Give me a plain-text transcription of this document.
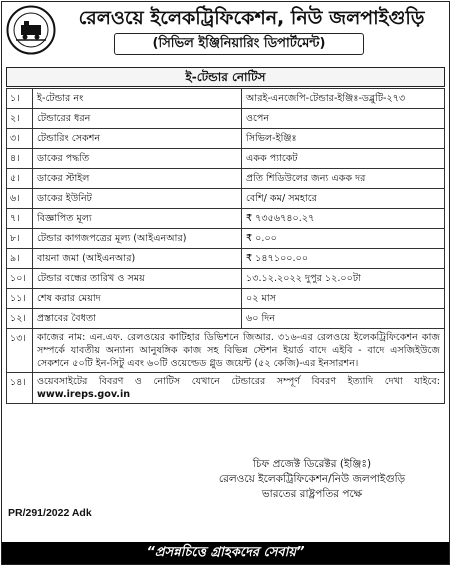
রেলওয়ে ইলেকট্রিফিকেশন, নিউ জলপাইগুড়ি
(সিভিল ইঞ্জিনিয়ারিং ডিপার্টমেন্ট)
ই-টেন্ডার নোটিস
১।	ই-টেন্ডার নং	আরই-এনজেপি-টেন্ডার-ইঞ্জিঃ-ডব্লুটি-২৭৩
২।	টেন্ডারের ধরন	ওপেন
৩।	টেন্ডারিং সেকশন	সিভিল-ইঞ্জিঃ
৪।	ডাকের পদ্ধতি	একক প্যাকেট
৫।	ডাকের স্টাইল	প্রতি শিডিউলের জন্য একক দর
৬।	ডাকের ইউনিট	বেশি/ কম/ সমহারে
৭।	বিজ্ঞাপিত মূল্য	₹ ৭৩৫৬৭৪০.২৭
৮।	টেন্ডার কাগজপত্রের মূল্য (আইএনআর)	₹ ০.০০
৯।	বায়না জমা (আইএনআর)	₹ ১৪৭১০০.০০
১০।	টেন্ডার বন্ধের তারিখ ও সময়	১৩.১২.২০২২ দুপুর ১২.০০টা
১১।	শেষ করার মেয়াদ	০২ মাস
১২।	প্রস্তাবের বৈধতা	৬০ দিন
১৩।	কাজের নাম: এন.এফ. রেলওয়ের কাটিহার ডিভিশনে জিআর. ৩১৬-এর রেলওয়ে ইলেকট্রিফিকেশন কাজ সম্পর্কে যাবতীয় অন্যান্য আনুষঙ্গিক কাজ সহ বিভিন্ন স্টেশন ইয়ার্ড বাদে এইবি - বাদে এসজিইউজে সেকশনে ৫০টি ইন-সিটু এবং ৬০টি ওয়েল্ডেড গ্লুড জয়েন্ট (৫২ কেজি)-এর ইনসারশন।	
১৪।	ওয়েবসাইটের বিবরণ ও নোটিস যেখানে টেন্ডারের সম্পূর্ণ বিবরণ ইত্যাদি দেখা যাইবে: www.ireps.gov.in	
চিফ প্রজেক্ট ডিরেক্টর (ইঞ্জিঃ)
রেলওয়ে ইলেকট্রিফিকেশন/নিউ জলপাইগুড়ি
ভারতের রাষ্ট্রপতির পক্ষে
PR/291/2022 Adk
“প্রসন্নচিত্তে গ্রাহকদের সেবায়”
